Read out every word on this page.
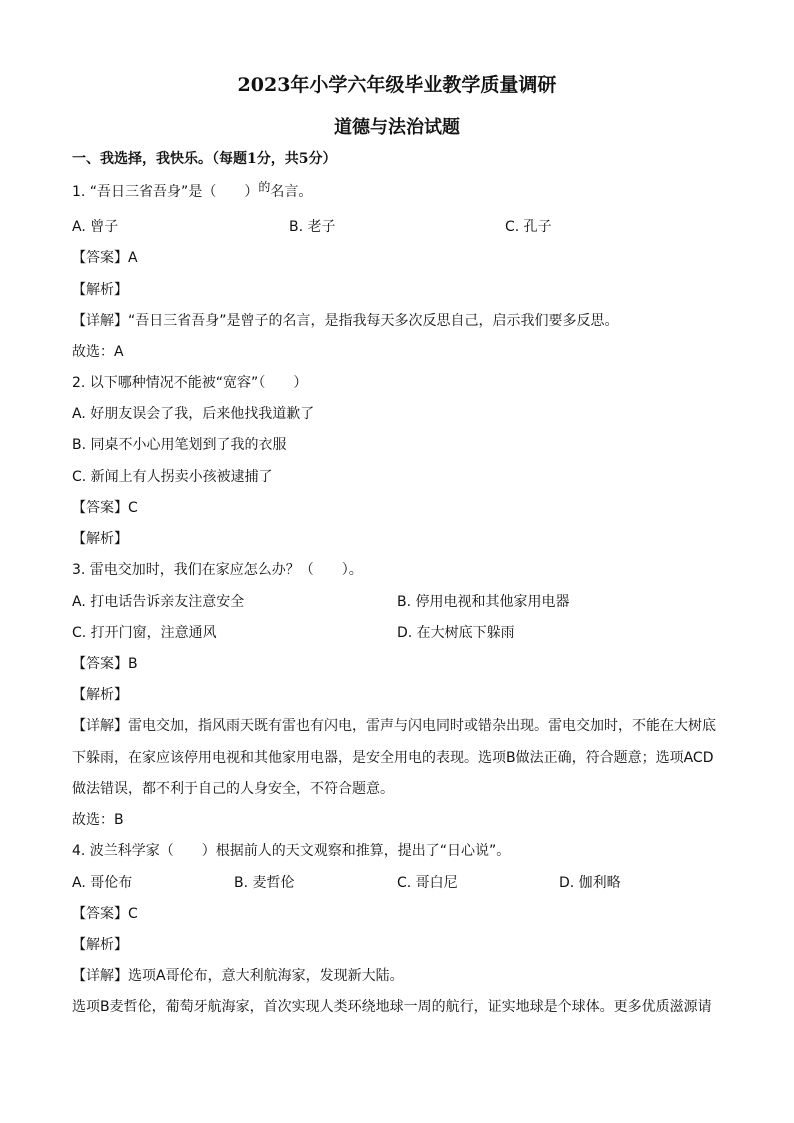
2023年小学六年级毕业教学质量调研
道德与法治试题
一、我选择，我快乐。（每题1分，共5分）
1. “吾日三省吾身”是（　　）的名言。
A. 曾子	B. 老子	C. 孔子
【答案】A
【解析】
【详解】“吾日三省吾身”是曾子的名言，是指我每天多次反思自己，启示我们要多反思。
故选：A
2. 以下哪种情况不能被“宽容”（　　）
A. 好朋友误会了我，后来他找我道歉了
B. 同桌不小心用笔划到了我的衣服
C. 新闻上有人拐卖小孩被逮捕了
【答案】C
【解析】
3. 雷电交加时，我们在家应怎么办？（　　）。
A. 打电话告诉亲友注意安全	B. 停用电视和其他家用电器
C. 打开门窗，注意通风	D. 在大树底下躲雨
【答案】B
【解析】
【详解】雷电交加，指风雨天既有雷也有闪电，雷声与闪电同时或错杂出现。雷电交加时，不能在大树底
下躲雨，在家应该停用电视和其他家用电器，是安全用电的表现。选项B做法正确，符合题意；选项ACD
做法错误，都不利于自己的人身安全，不符合题意。
故选：B
4. 波兰科学家（　　）根据前人的天文观察和推算，提出了“日心说”。
A. 哥伦布	B. 麦哲伦	C. 哥白尼	D. 伽利略
【答案】C
【解析】
【详解】选项A哥伦布，意大利航海家，发现新大陆。
选项B麦哲伦，葡萄牙航海家，首次实现人类环绕地球一周的航行，证实地球是个球体。更多优质滋源请
